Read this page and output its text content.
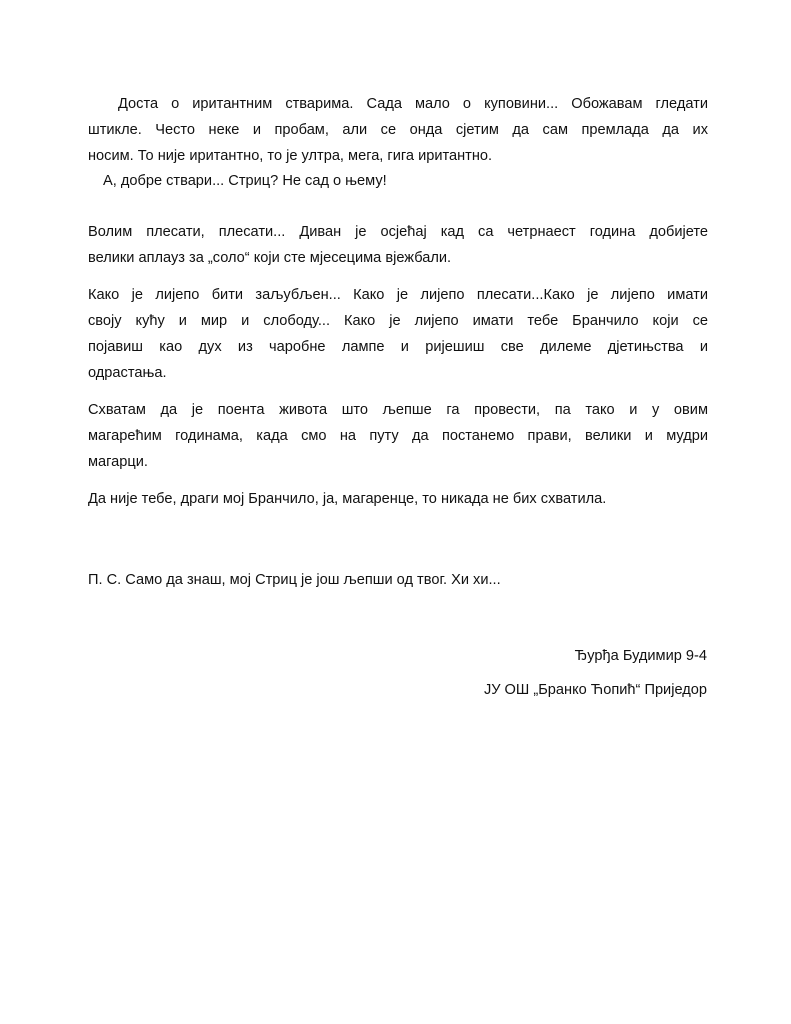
Доста о иритантним стварима. Сада мало о куповини... Обожавам гледати
штикле. Често неке и пробам, али се онда сјетим да сам премлада да их
носим. То није иритантно, то је ултра, мега, гига иритантно.
А, добре ствари... Стриц? Не сад о њему!
Волим плесати, плесати... Диван је осјећај кад са четрнаест година добијете
велики аплауз за „соло“ који сте мјесецима вјежбали.
Како је лијепо бити заљубљен... Како је лијепо плесати...Како је лијепо имати
своју кућу и мир и слободу... Како је лијепо имати тебе Бранчило који се
појавиш као дух из чаробне лампе и ријешиш све дилеме дјетињства и
одрастања.
Схватам да је поента живота што љепше га провести, па тако и у овим
магарећим годинама, када смо на путу да постанемо прави, велики и мудри
магарци.
Да није тебе, драги мој Бранчило, ја, магаренце, то никада не бих схватила.
П. С. Само да знаш, мој Стриц је још љепши од твог. Хи хи...
Ђурђа Будимир 9-4
ЈУ ОШ „Бранко Ћопић“ Приједор
